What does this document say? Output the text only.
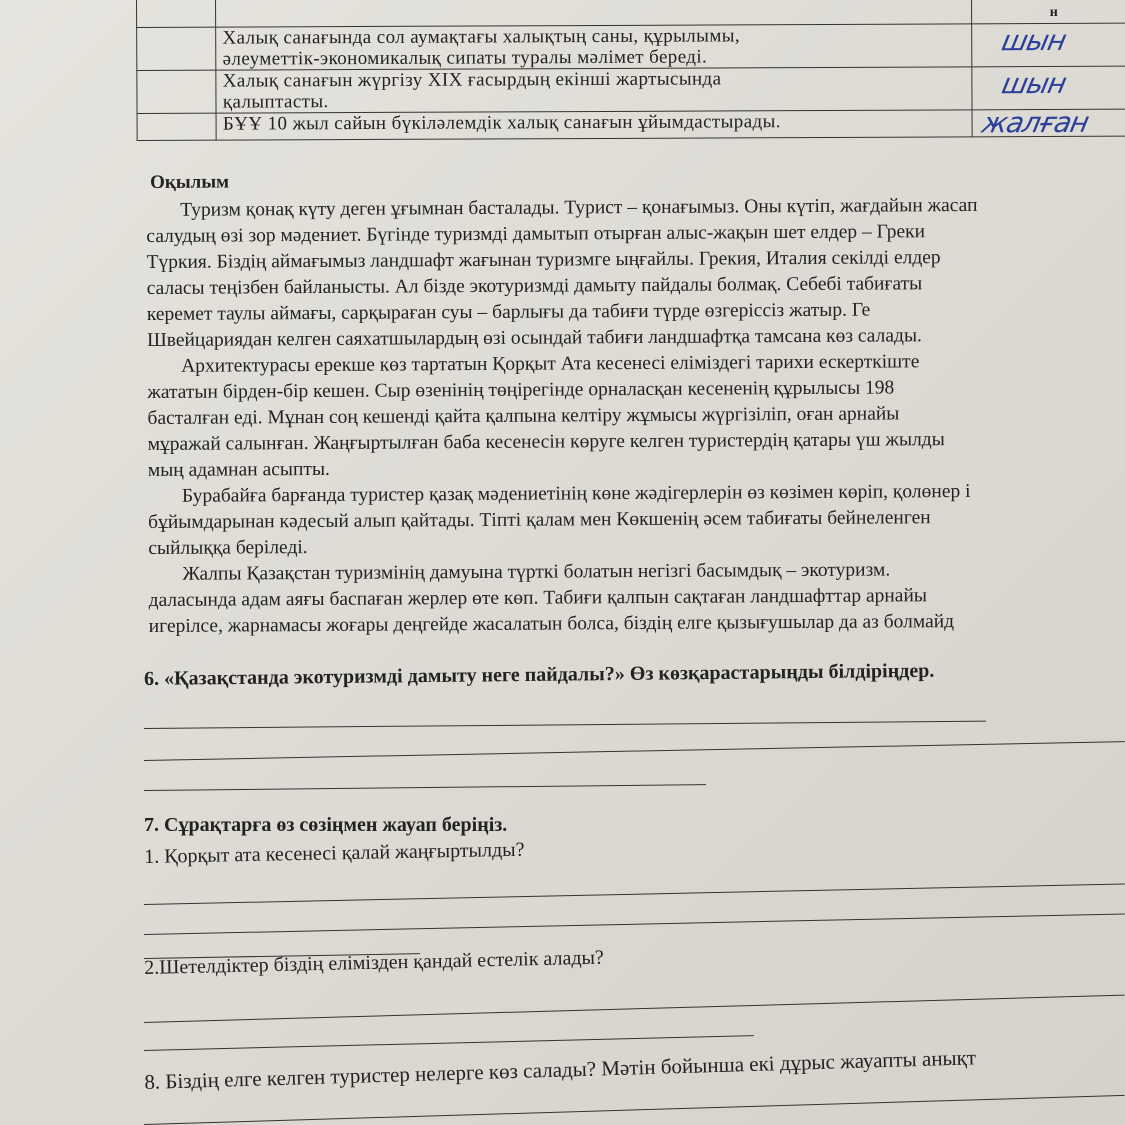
		н

	Халық санағында сол аумақтағы халықтың саны, құрылымы,
әлеуметтік-экономикалық сипаты туралы мәлімет береді.	шын

	Халық санағын жүргізу XIX ғасырдың екінші жартысында
қалыптасты.	шын

	БҰҰ 10 жыл сайын бүкіләлемдік халық санағын ұйымдастырады.	жалған
Оқылым

Туризм қонақ күту деген ұғымнан басталады. Турист – қонағымыз. Оны күтіп, жағдайын жасап
салудың өзі зор мәдениет. Бүгінде туризмді дамытып отырған алыс-жақын шет елдер – Греки
Түркия. Біздің аймағымыз ландшафт жағынан туризмге ыңғайлы. Грекия, Италия секілді елдер
саласы теңізбен байланысты. Ал бізде экотуризмді дамыту пайдалы болмақ. Себебі табиғаты
керемет таулы аймағы, сарқыраған суы – барлығы да табиғи түрде өзгеріссіз жатыр. Ге
Швейцариядан келген саяхатшылардың өзі осындай табиғи ландшафтқа тамсана көз салады.

Архитектурасы ерекше көз тартатын Қорқыт Ата кесенесі еліміздегі тарихи ескерткіште
жататын бірден-бір кешен. Сыр өзенінің төңірегінде орналасқан кесененің құрылысы 198
басталған еді. Мұнан соң кешенді қайта қалпына келтіру жұмысы жүргізіліп, оған арнайы
мұражай салынған. Жаңғыртылған баба кесенесін көруге келген туристердің қатары үш жылды
мың адамнан асыпты.

Бурабайға барғанда туристер қазақ мәдениетінің көне жәдігерлерін өз көзімен көріп, қолөнер і
бұйымдарынан кәдесый алып қайтады. Тіпті қалам мен Көкшенің әсем табиғаты бейнеленген
сыйлыққа беріледі.

Жалпы Қазақстан туризмінің дамуына түрткі болатын негізгі басымдық – экотуризм.
даласында адам аяғы баспаған жерлер өте көп. Табиғи қалпын сақтаған ландшафттар арнайы
игерілсе, жарнамасы жоғары деңгейде жасалатын болса, біздің елге қызығушылар да аз болмайд

6. «Қазақстанда экотуризмді дамыту неге пайдалы?» Өз көзқарастарыңды білдіріңдер.
7. Сұрақтарға өз сөзіңмен жауап беріңіз.
1. Қорқыт ата кесенесі қалай жаңғыртылды?
2.Шетелдіктер біздің елімізден қандай естелік алады?
8. Біздің елге келген туристер нелерге көз салады? Мәтін бойынша екі дұрыс жауапты анықт
